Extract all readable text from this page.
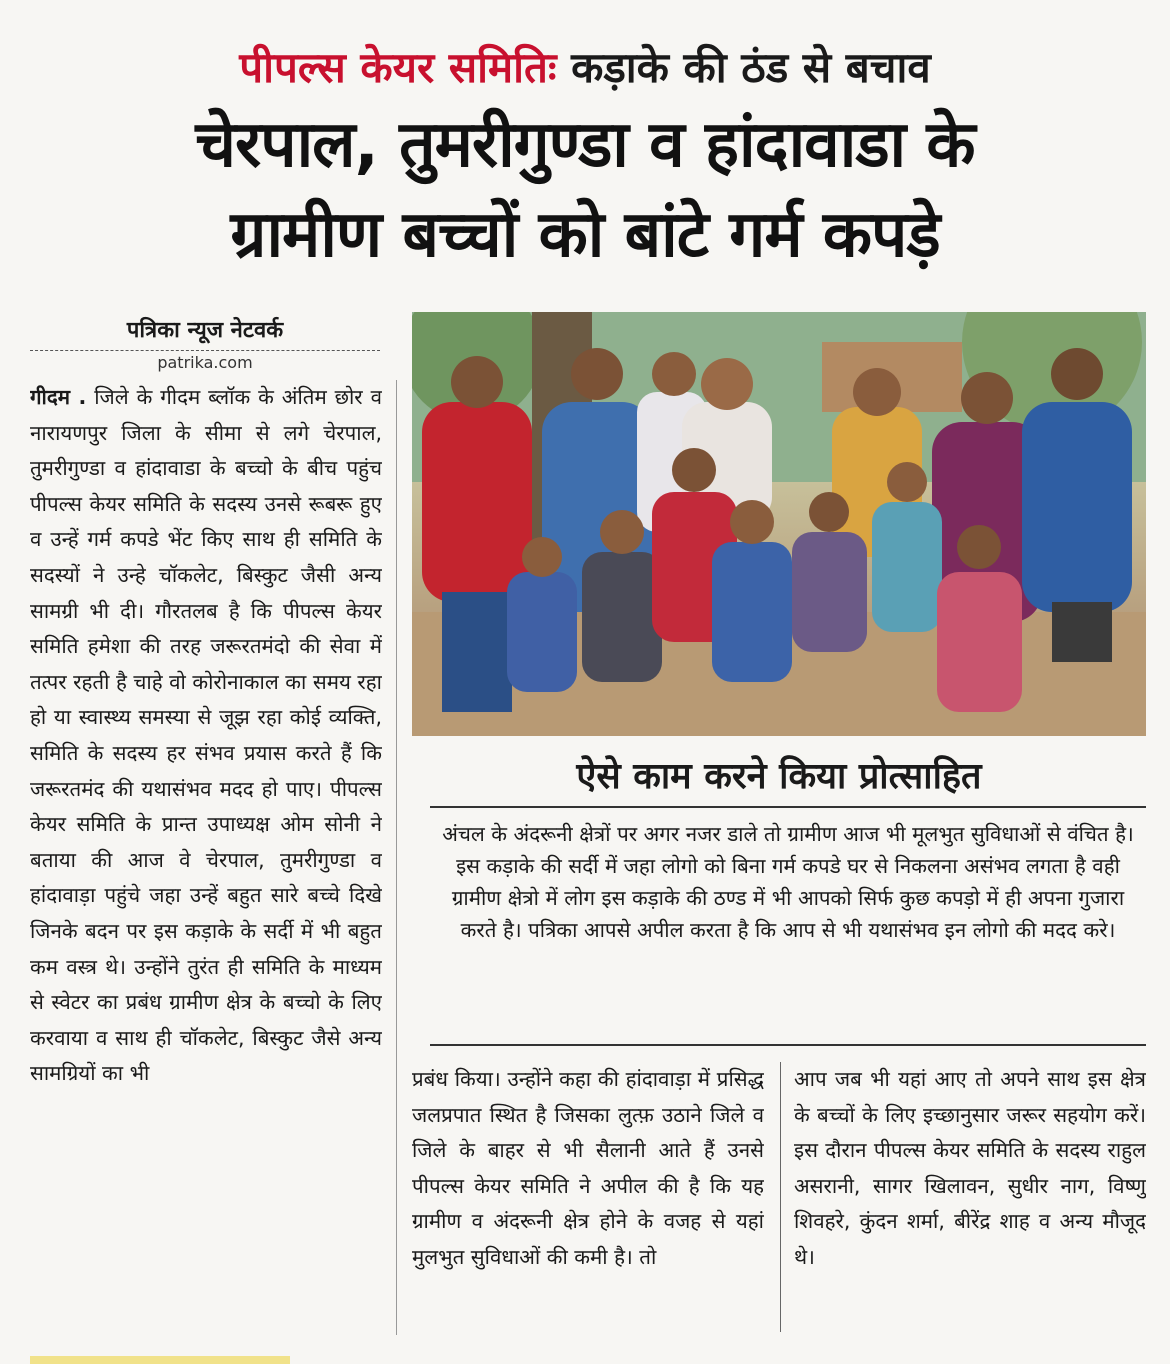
पीपल्स केयर समितिः कड़ाके की ठंड से बचाव
चेरपाल, तुमरीगुण्डा व हांदावाडा के
ग्रामीण बच्चों को बांटे गर्म कपड़े
पत्रिका न्यूज नेटवर्क
patrika.com
गीदम . जिले के गीदम ब्लॉक के अंतिम छोर व नारायणपुर जिला के सीमा से लगे चेरपाल, तुमरीगुण्डा व हांदावाडा के बच्चो के बीच पहुंच पीपल्स केयर समिति के सदस्य उनसे रूबरू हुए व उन्हें गर्म कपडे भेंट किए साथ ही समिति के सदस्यों ने उन्हे चॉकलेट, बिस्कुट जैसी अन्य सामग्री भी दी। गौरतलब है कि पीपल्स केयर समिति हमेशा की तरह जरूरतमंदो की सेवा में तत्पर रहती है चाहे वो कोरोनाकाल का समय रहा हो या स्वास्थ्य समस्या से जूझ रहा कोई व्यक्ति, समिति के सदस्य हर संभव प्रयास करते हैं कि जरूरतमंद की यथासंभव मदद हो पाए। पीपल्स केयर समिति के प्रान्त उपाध्यक्ष ओम सोनी ने बताया की आज वे चेरपाल, तुमरीगुण्डा व हांदावाड़ा पहुंचे जहा उन्हें बहुत सारे बच्चे दिखे जिनके बदन पर इस कड़ाके के सर्दी में भी बहुत कम वस्त्र थे। उन्होंने तुरंत ही समिति के माध्यम से स्वेटर का प्रबंध ग्रामीण क्षेत्र के बच्चो के लिए करवाया व साथ ही चॉकलेट, बिस्कुट जैसे अन्य सामग्रियों का भी
ऐसे काम करने किया प्रोत्साहित
अंचल के अंदरूनी क्षेत्रों पर अगर नजर डाले तो ग्रामीण आज भी मूलभुत सुविधाओं से वंचित है। इस कड़ाके की सर्दी में जहा लोगो को बिना गर्म कपडे घर से निकलना असंभव लगता है वही ग्रामीण क्षेत्रो में लोग इस कड़ाके की ठण्ड में भी आपको सिर्फ कुछ कपड़ो में ही अपना गुजारा करते है। पत्रिका आपसे अपील करता है कि आप से भी यथासंभव इन लोगो की मदद करे।
प्रबंध किया। उन्होंने कहा की हांदावाड़ा में प्रसिद्ध जलप्रपात स्थित है जिसका लुत्फ़ उठाने जिले व जिले के बाहर से भी सैलानी आते हैं उनसे पीपल्स केयर समिति ने अपील की है कि यह ग्रामीण व अंदरूनी क्षेत्र होने के वजह से यहां मुलभुत सुविधाओं की कमी है। तो
आप जब भी यहां आए तो अपने साथ इस क्षेत्र के बच्चों के लिए इच्छानुसार जरूर सहयोग करें। इस दौरान पीपल्स केयर समिति के सदस्य राहुल असरानी, सागर खिलावन, सुधीर नाग, विष्णु शिवहरे, कुंदन शर्मा, बीरेंद्र शाह व अन्य मौजूद थे।
